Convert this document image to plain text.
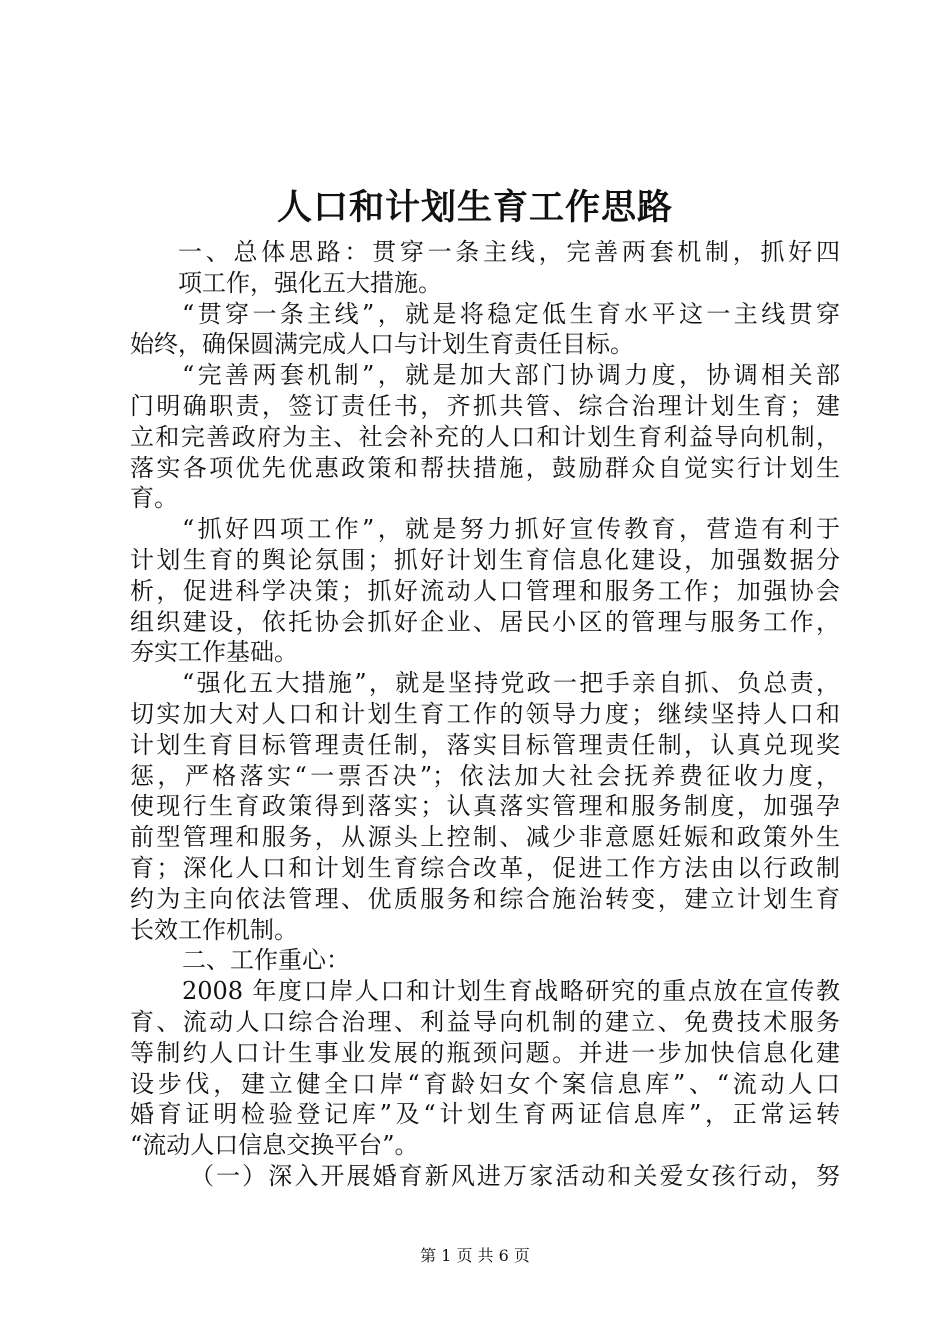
人口和计划生育工作思路
一、总体思路：贯穿一条主线，完善两套机制，抓好四
项工作，强化五大措施。
“贯穿一条主线”，就是将稳定低生育水平这一主线贯穿
始终，确保圆满完成人口与计划生育责任目标。
“完善两套机制”，就是加大部门协调力度，协调相关部
门明确职责，签订责任书，齐抓共管、综合治理计划生育；建
立和完善政府为主、社会补充的人口和计划生育利益导向机制，
落实各项优先优惠政策和帮扶措施，鼓励群众自觉实行计划生
育。
“抓好四项工作”，就是努力抓好宣传教育，营造有利于
计划生育的舆论氛围；抓好计划生育信息化建设，加强数据分
析，促进科学决策；抓好流动人口管理和服务工作；加强协会
组织建设，依托协会抓好企业、居民小区的管理与服务工作，
夯实工作基础。
“强化五大措施”，就是坚持党政一把手亲自抓、负总责，
切实加大对人口和计划生育工作的领导力度；继续坚持人口和
计划生育目标管理责任制，落实目标管理责任制，认真兑现奖
惩，严格落实“一票否决”；依法加大社会抚养费征收力度，
使现行生育政策得到落实；认真落实管理和服务制度，加强孕
前型管理和服务，从源头上控制、减少非意愿妊娠和政策外生
育；深化人口和计划生育综合改革，促进工作方法由以行政制
约为主向依法管理、优质服务和综合施治转变，建立计划生育
长效工作机制。
二、工作重心：
2008 年度口岸人口和计划生育战略研究的重点放在宣传教
育、流动人口综合治理、利益导向机制的建立、免费技术服务
等制约人口计生事业发展的瓶颈问题。并进一步加快信息化建
设步伐，建立健全口岸“育龄妇女个案信息库”、“流动人口
婚育证明检验登记库”及“计划生育两证信息库”，正常运转
“流动人口信息交换平台”。
（一）深入开展婚育新风进万家活动和关爱女孩行动，努
第 1 页 共 6 页
